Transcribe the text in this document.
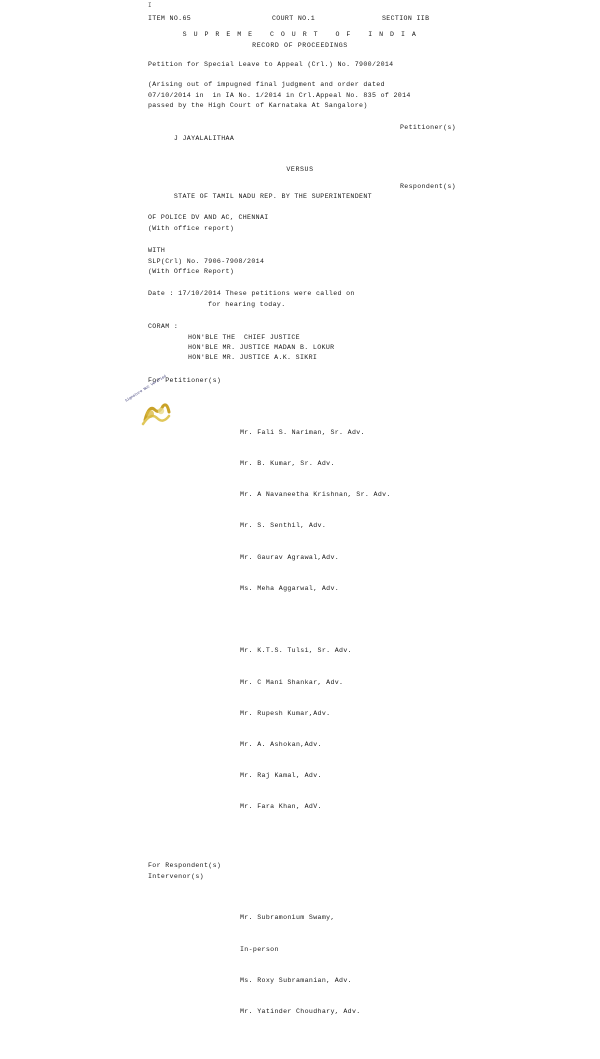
I
ITEM NO.65	COURT NO.1	SECTION IIB
S U P R E M E   C O U R T   O F   I N D I A
RECORD OF PROCEEDINGS
Petition for Special Leave to Appeal (Crl.) No. 7900/2014
(Arising out of impugned final judgment and order dated
07/10/2014 in  in IA No. 1/2014 in Crl.Appeal No. 835 of 2014
passed by the High Court of Karnataka At Sangalore)

J JAYALALITHAA
Petitioner(s)

VERSUS

STATE OF TAMIL NADU REP. BY THE SUPERINTENDENT
Respondent(s)

OF POLICE DV AND AC, CHENNAI
(With office report)
WITH
SLP(Crl) No. 7906-7908/2014
(With Office Report)
Date : 17/10/2014 These petitions were called on
for hearing today.
CORAM :
HON'BLE THE  CHIEF JUSTICE
HON'BLE MR. JUSTICE MADAN B. LOKUR
HON'BLE MR. JUSTICE A.K. SIKRI

For Petitioner(s)

Mr. Fali S. Nariman, Sr. Adv.

Mr. B. Kumar, Sr. Adv.

Mr. A Navaneetha Krishnan, Sr. Adv.

Mr. S. Senthil, Adv.

Mr. Gaurav Agrawal,Adv.

Ms. Meha Aggarwal, Adv.

Mr. K.T.S. Tulsi, Sr. Adv.

Mr. C Mani Shankar, Adv.

Mr. Rupesh Kumar,Adv.

Mr. A. Ashokan,Adv.

Mr. Raj Kamal, Adv.

Mr. Fara Khan, AdV.

For Respondent(s)
Intervenor(s)

Mr. Subramonium Swamy,

In-person

Ms. Roxy Subramanian, Adv.

Mr. Yatinder Choudhary, Adv.

Signature Not Verified
